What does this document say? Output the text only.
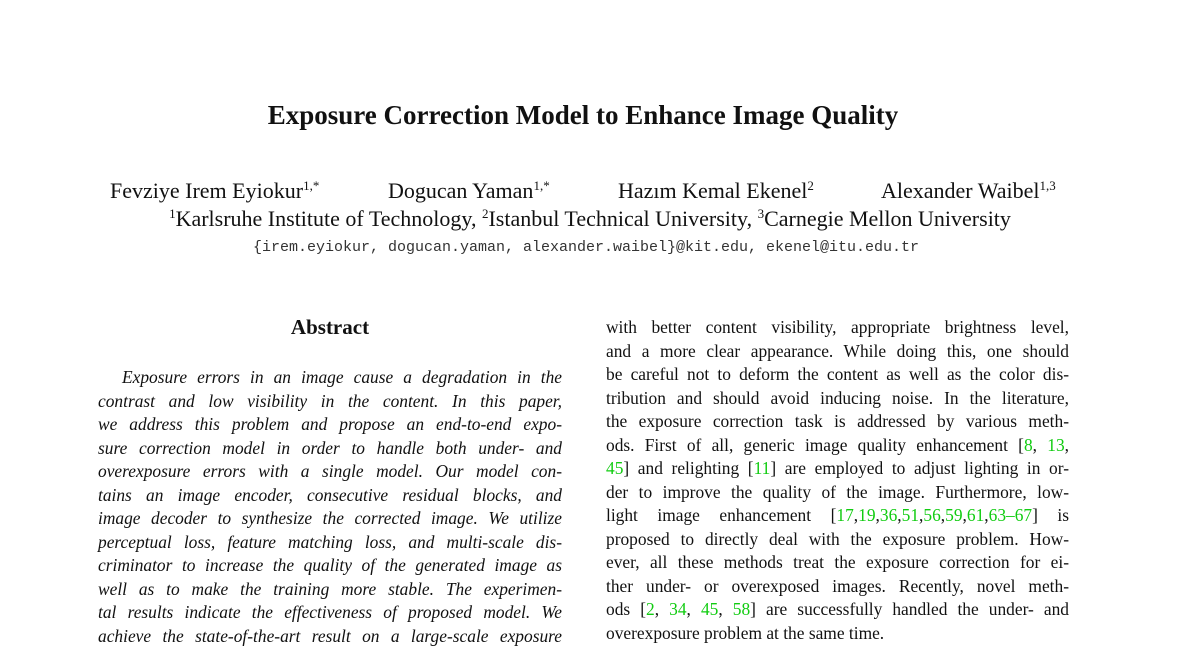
Exposure Correction Model to Enhance Image Quality
Fevziye Irem Eyiokur$^{1,*}$	Dogucan Yaman$^{1,*}$	Hazım Kemal Ekenel$^2$	Alexander Waibel$^{1,3}$
$^1$Karlsruhe Institute of Technology, $^2$Istanbul Technical University, $^3$Carnegie Mellon University
{irem.eyiokur, dogucan.yaman, alexander.waibel}@kit.edu, ekenel@itu.edu.tr
Abstract
Exposure errors in an image cause a degradation in the
contrast and low visibility in the content. In this paper,
we address this problem and propose an end-to-end expo-
sure correction model in order to handle both under- and
overexposure errors with a single model. Our model con-
tains an image encoder, consecutive residual blocks, and
image decoder to synthesize the corrected image. We utilize
perceptual loss, feature matching loss, and multi-scale dis-
criminator to increase the quality of the generated image as
well as to make the training more stable. The experimen-
tal results indicate the effectiveness of proposed model. We
achieve the state-of-the-art result on a large-scale exposure
with better content visibility, appropriate brightness level,
and a more clear appearance. While doing this, one should
be careful not to deform the content as well as the color dis-
tribution and should avoid inducing noise. In the literature,
the exposure correction task is addressed by various meth-
ods. First of all, generic image quality enhancement [8, 13,
45] and relighting [11] are employed to adjust lighting in or-
der to improve the quality of the image. Furthermore, low-
light image enhancement [17,19,36,51,56,59,61,63–67] is
proposed to directly deal with the exposure problem. How-
ever, all these methods treat the exposure correction for ei-
ther under- or overexposed images. Recently, novel meth-
ods [2, 34, 45, 58] are successfully handled the under- and
overexposure problem at the same time.
